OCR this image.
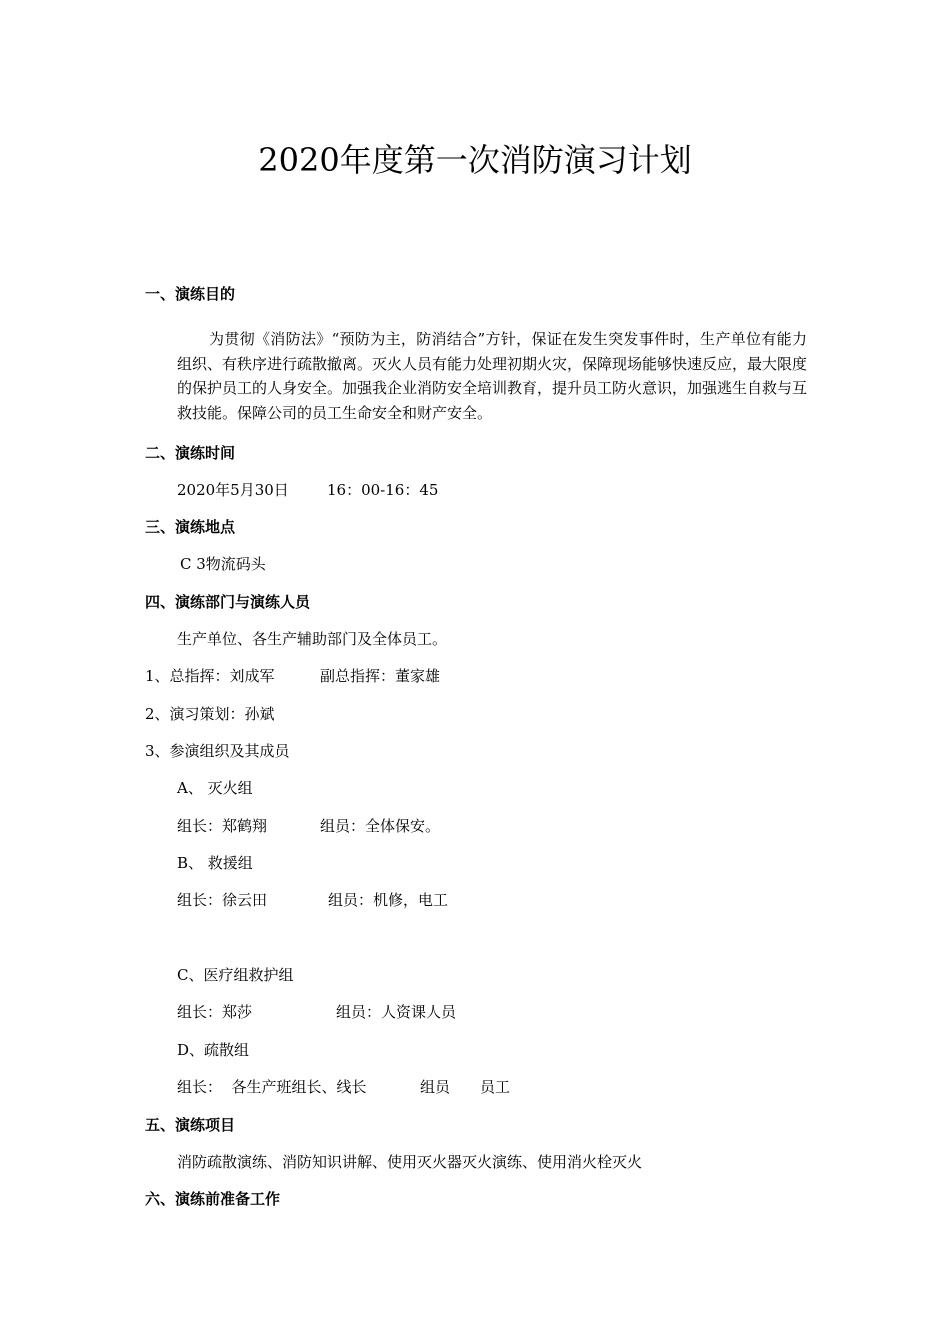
2020年度第一次消防演习计划
一、演练目的
为贯彻《消防法》“预防为主，防消结合”方针，保证在发生突发事件时，生产单位有能力组织、有秩序进行疏散撤离。灭火人员有能力处理初期火灾，保障现场能够快速反应，最大限度的保护员工的人身安全。加强我企业消防安全培训教育，提升员工防火意识，加强逃生自救与互救技能。保障公司的员工生命安全和财产安全。
二、演练时间
2020年5月30日	16：00-16：45
三、演练地点
C 3物流码头
四、演练部门与演练人员
生产单位、各生产辅助部门及全体员工。
1、总指挥：刘成军	副总指挥：董家雄
2、演习策划：孙斌
3、参演组织及其成员
A、 灭火组
组长：郑鹤翔	组员：全体保安。
B、 救援组
组长：徐云田	组员：机修，电工
C、医疗组救护组
组长：郑莎	组员：人资课人员
D、疏散组
组长：  各生产班组长、线长	组员 员工
五、演练项目
消防疏散演练、消防知识讲解、使用灭火器灭火演练、使用消火栓灭火
六、演练前准备工作
